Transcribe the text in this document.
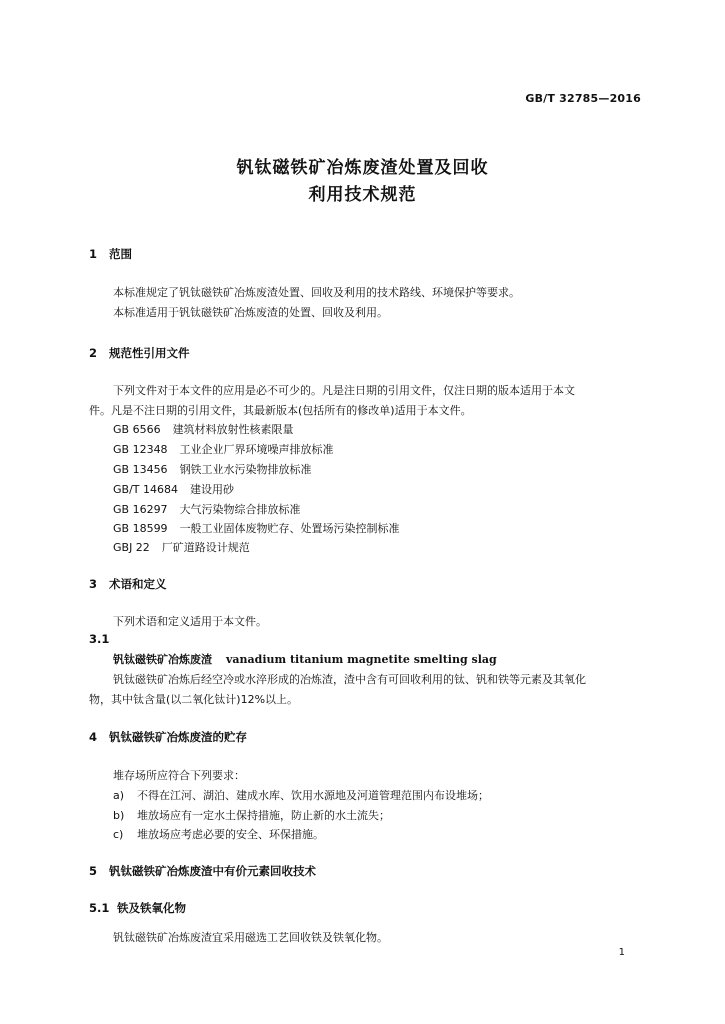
GB/T 32785—2016
钒钛磁铁矿冶炼废渣处置及回收
利用技术规范
1 范围
本标准规定了钒钛磁铁矿冶炼废渣处置、回收及利用的技术路线、环境保护等要求。
本标准适用于钒钛磁铁矿冶炼废渣的处置、回收及利用。
2 规范性引用文件
下列文件对于本文件的应用是必不可少的。凡是注日期的引用文件，仅注日期的版本适用于本文
件。凡是不注日期的引用文件，其最新版本(包括所有的修改单)适用于本文件。
GB 6566 建筑材料放射性核素限量
GB 12348 工业企业厂界环境噪声排放标准
GB 13456 钢铁工业水污染物排放标准
GB/T 14684 建设用砂
GB 16297 大气污染物综合排放标准
GB 18599 一般工业固体废物贮存、处置场污染控制标准
GBJ 22 厂矿道路设计规范
3 术语和定义
下列术语和定义适用于本文件。
3.1
钒钛磁铁矿冶炼废渣 vanadium titanium magnetite smelting slag
钒钛磁铁矿冶炼后经空冷或水淬形成的冶炼渣，渣中含有可回收利用的钛、钒和铁等元素及其氧化
物，其中钛含量(以二氧化钛计)12%以上。
4 钒钛磁铁矿冶炼废渣的贮存
堆存场所应符合下列要求：
a) 不得在江河、湖泊、建成水库、饮用水源地及河道管理范围内布设堆场；
b) 堆放场应有一定水土保持措施，防止新的水土流失；
c) 堆放场应考虑必要的安全、环保措施。
5 钒钛磁铁矿冶炼废渣中有价元素回收技术
5.1 铁及铁氧化物
钒钛磁铁矿冶炼废渣宜采用磁选工艺回收铁及铁氧化物。
1
